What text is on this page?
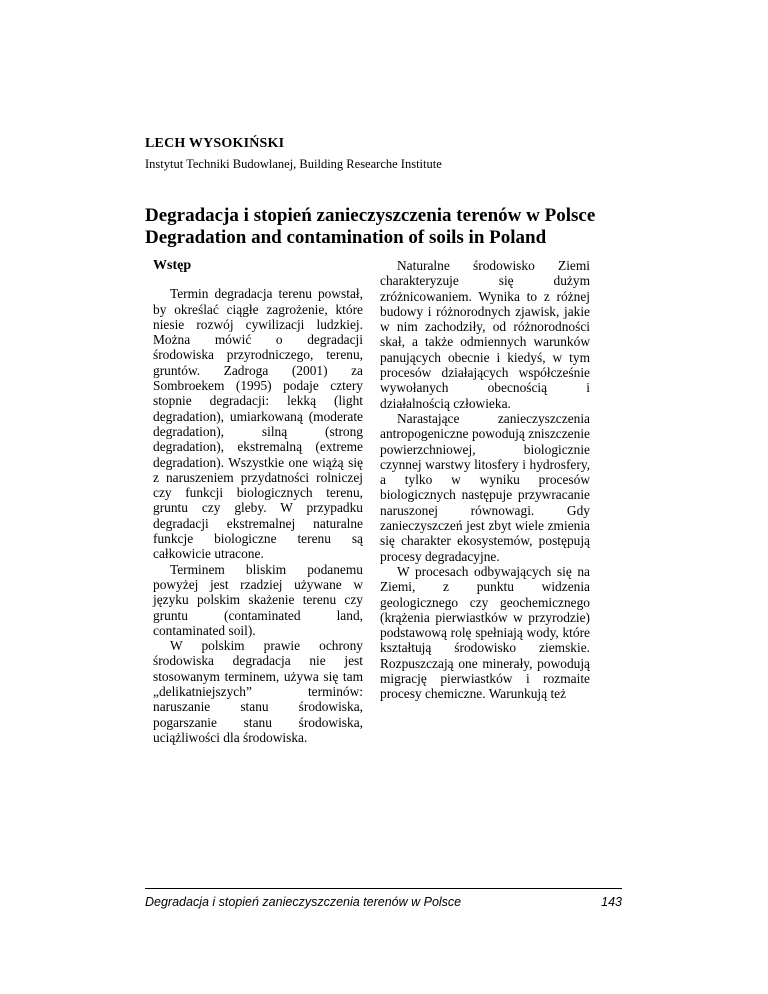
LECH WYSOKIŃSKI
Instytut Techniki Budowlanej, Building Researche Institute
Degradacja i stopień zanieczyszczenia terenów w Polsce
Degradation and contamination of soils in Poland
Wstęp

Termin degradacja terenu powstał, by określać ciągłe zagrożenie, które niesie rozwój cywilizacji ludzkiej. Można mówić o degradacji środowiska przyrodniczego, terenu, gruntów. Zadroga (2001) za Sombroekem (1995) podaje cztery stopnie degradacji: lekką (light degradation), umiarkowaną (moderate degradation), silną (strong degradation), ekstremalną (extreme degradation). Wszystkie one wiążą się z naruszeniem przydatności rolniczej czy funkcji biologicznych terenu, gruntu czy gleby. W przypadku degradacji ekstremalnej naturalne funkcje biologiczne terenu są całkowicie utracone.

Terminem bliskim podanemu powyżej jest rzadziej używane w języku polskim skażenie terenu czy gruntu (contaminated land, contaminated soil).

W polskim prawie ochrony środowiska degradacja nie jest stosowanym terminem, używa się tam „delikatniejszych” terminów: naruszanie stanu środowiska, pogarszanie stanu środowiska, uciążliwości dla środowiska.

Naturalne środowisko Ziemi charakteryzuje się dużym zróżnicowaniem. Wynika to z różnej budowy i różnorodnych zjawisk, jakie w nim zachodziły, od różnorodności skał, a także odmiennych warunków panujących obecnie i kiedyś, w tym procesów działających współcześnie wywołanych obecnością i działalnością człowieka.

Narastające zanieczyszczenia antropogeniczne powodują zniszczenie powierzchniowej, biologicznie czynnej warstwy litosfery i hydrosfery, a tylko w wyniku procesów biologicznych następuje przywracanie naruszonej równowagi. Gdy zanieczyszczeń jest zbyt wiele zmienia się charakter ekosystemów, postępują procesy degradacyjne.

W procesach odbywających się na Ziemi, z punktu widzenia geologicznego czy geochemicznego (krążenia pierwiastków w przyrodzie) podstawową rolę spełniają wody, które kształtują środowisko ziemskie. Rozpuszczają one minerały, powodują migrację pierwiastków i rozmaite procesy chemiczne. Warunkują też

Degradacja i stopień zanieczyszczenia terenów w Polsce	143
